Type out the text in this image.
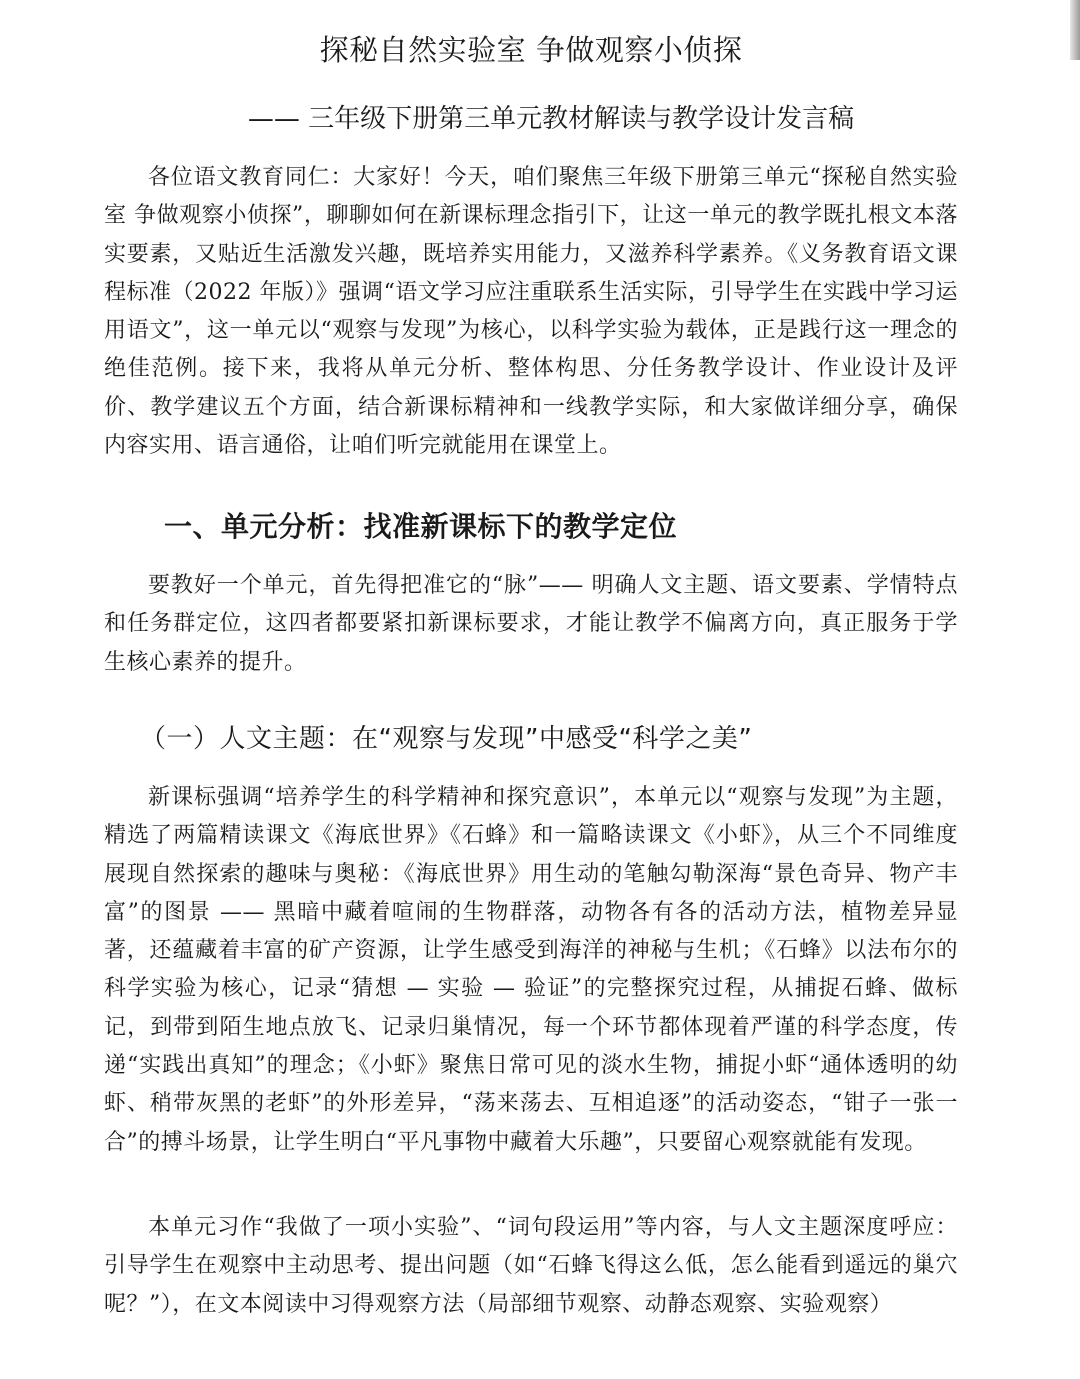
探秘自然实验室 争做观察小侦探
—— 三年级下册第三单元教材解读与教学设计发言稿

各位语文教育同仁：大家好！今天，咱们聚焦三年级下册第三单元“探秘自然实验室 争做观察小侦探”，聊聊如何在新课标理念指引下，让这一单元的教学既扎根文本落实要素，又贴近生活激发兴趣，既培养实用能力，又滋养科学素养。《义务教育语文课程标准（2022 年版）》强调“语文学习应注重联系生活实际，引导学生在实践中学习运用语文”，这一单元以“观察与发现”为核心，以科学实验为载体，正是践行这一理念的绝佳范例。接下来，我将从单元分析、整体构思、分任务教学设计、作业设计及评价、教学建议五个方面，结合新课标精神和一线教学实际，和大家做详细分享，确保内容实用、语言通俗，让咱们听完就能用在课堂上。

一、单元分析：找准新课标下的教学定位

要教好一个单元，首先得把准它的“脉”—— 明确人文主题、语文要素、学情特点和任务群定位，这四者都要紧扣新课标要求，才能让教学不偏离方向，真正服务于学生核心素养的提升。

（一）人文主题：在“观察与发现”中感受“科学之美”

新课标强调“培养学生的科学精神和探究意识”，本单元以“观察与发现”为主题，精选了两篇精读课文《海底世界》《石蜂》和一篇略读课文《小虾》，从三个不同维度展现自然探索的趣味与奥秘：《海底世界》用生动的笔触勾勒深海“景色奇异、物产丰富”的图景 —— 黑暗中藏着喧闹的生物群落，动物各有各的活动方法，植物差异显著，还蕴藏着丰富的矿产资源，让学生感受到海洋的神秘与生机；《石蜂》以法布尔的科学实验为核心，记录“猜想 — 实验 — 验证”的完整探究过程，从捕捉石蜂、做标记，到带到陌生地点放飞、记录归巢情况，每一个环节都体现着严谨的科学态度，传递“实践出真知”的理念；《小虾》聚焦日常可见的淡水生物，捕捉小虾“通体透明的幼虾、稍带灰黑的老虾”的外形差异，“荡来荡去、互相追逐”的活动姿态，“钳子一张一合”的搏斗场景，让学生明白“平凡事物中藏着大乐趣”，只要留心观察就能有发现。

本单元习作“我做了一项小实验”、“词句段运用”等内容，与人文主题深度呼应：引导学生在观察中主动思考、提出问题（如“石蜂飞得这么低，怎么能看到遥远的巢穴呢？”），在文本阅读中习得观察方法（局部细节观察、动静态观察、实验观察）
